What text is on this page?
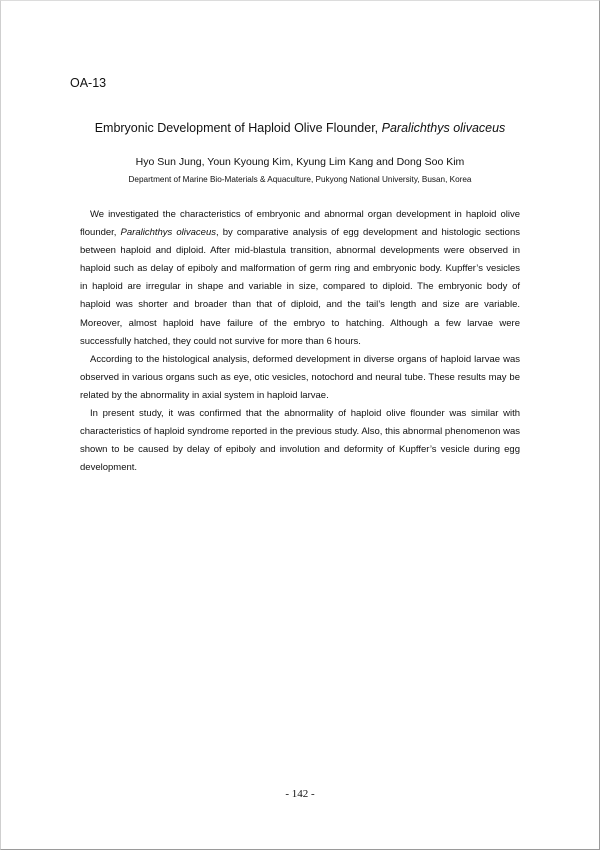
OA-13
Embryonic Development of Haploid Olive Flounder, Paralichthys olivaceus
Hyo Sun Jung, Youn Kyoung Kim, Kyung Lim Kang and Dong Soo Kim
Department of Marine Bio-Materials & Aquaculture, Pukyong National University, Busan, Korea

We investigated the characteristics of embryonic and abnormal organ development in haploid olive flounder, Paralichthys olivaceus, by comparative analysis of egg development and histologic sections between haploid and diploid. After mid-blastula transition, abnormal developments were observed in haploid such as delay of epiboly and malformation of germ ring and embryonic body. Kupffer’s vesicles in haploid are irregular in shape and variable in size, compared to diploid. The embryonic body of haploid was shorter and broader than that of diploid, and the tail’s length and size are variable. Moreover, almost haploid have failure of the embryo to hatching. Although a few larvae were successfully hatched, they could not survive for more than 6 hours.

According to the histological analysis, deformed development in diverse organs of haploid larvae was observed in various organs such as eye, otic vesicles, notochord and neural tube. These results may be related by the abnormality in axial system in haploid larvae.

In present study, it was confirmed that the abnormality of haploid olive flounder was similar with characteristics of haploid syndrome reported in the previous study. Also, this abnormal phenomenon was shown to be caused by delay of epiboly and involution and deformity of Kupffer’s vesicle during egg development.

- 142 -
